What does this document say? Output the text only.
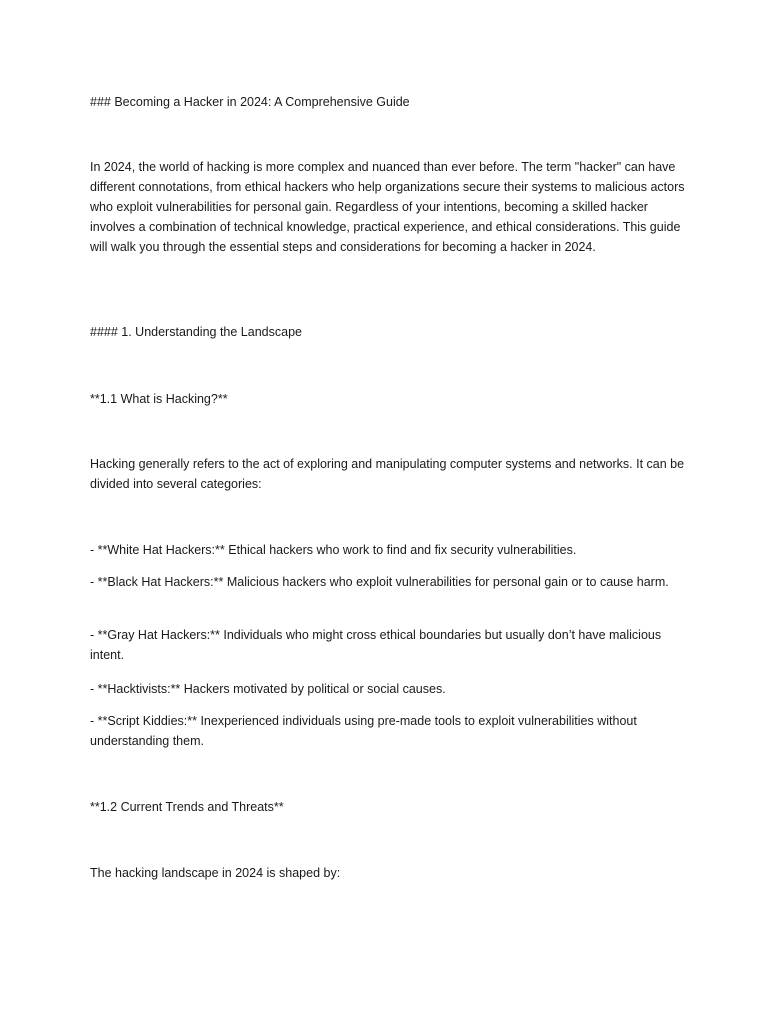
### Becoming a Hacker in 2024: A Comprehensive Guide

In 2024, the world of hacking is more complex and nuanced than ever before. The term "hacker" can have different connotations, from ethical hackers who help organizations secure their systems to malicious actors who exploit vulnerabilities for personal gain. Regardless of your intentions, becoming a skilled hacker involves a combination of technical knowledge, practical experience, and ethical considerations. This guide will walk you through the essential steps and considerations for becoming a hacker in 2024.

#### 1. Understanding the Landscape

**1.1 What is Hacking?**

Hacking generally refers to the act of exploring and manipulating computer systems and networks. It can be divided into several categories:

- **White Hat Hackers:** Ethical hackers who work to find and fix security vulnerabilities.

- **Black Hat Hackers:** Malicious hackers who exploit vulnerabilities for personal gain or to cause harm.

- **Gray Hat Hackers:** Individuals who might cross ethical boundaries but usually don’t have malicious intent.

- **Hacktivists:** Hackers motivated by political or social causes.

- **Script Kiddies:** Inexperienced individuals using pre-made tools to exploit vulnerabilities without understanding them.

**1.2 Current Trends and Threats**

The hacking landscape in 2024 is shaped by:
